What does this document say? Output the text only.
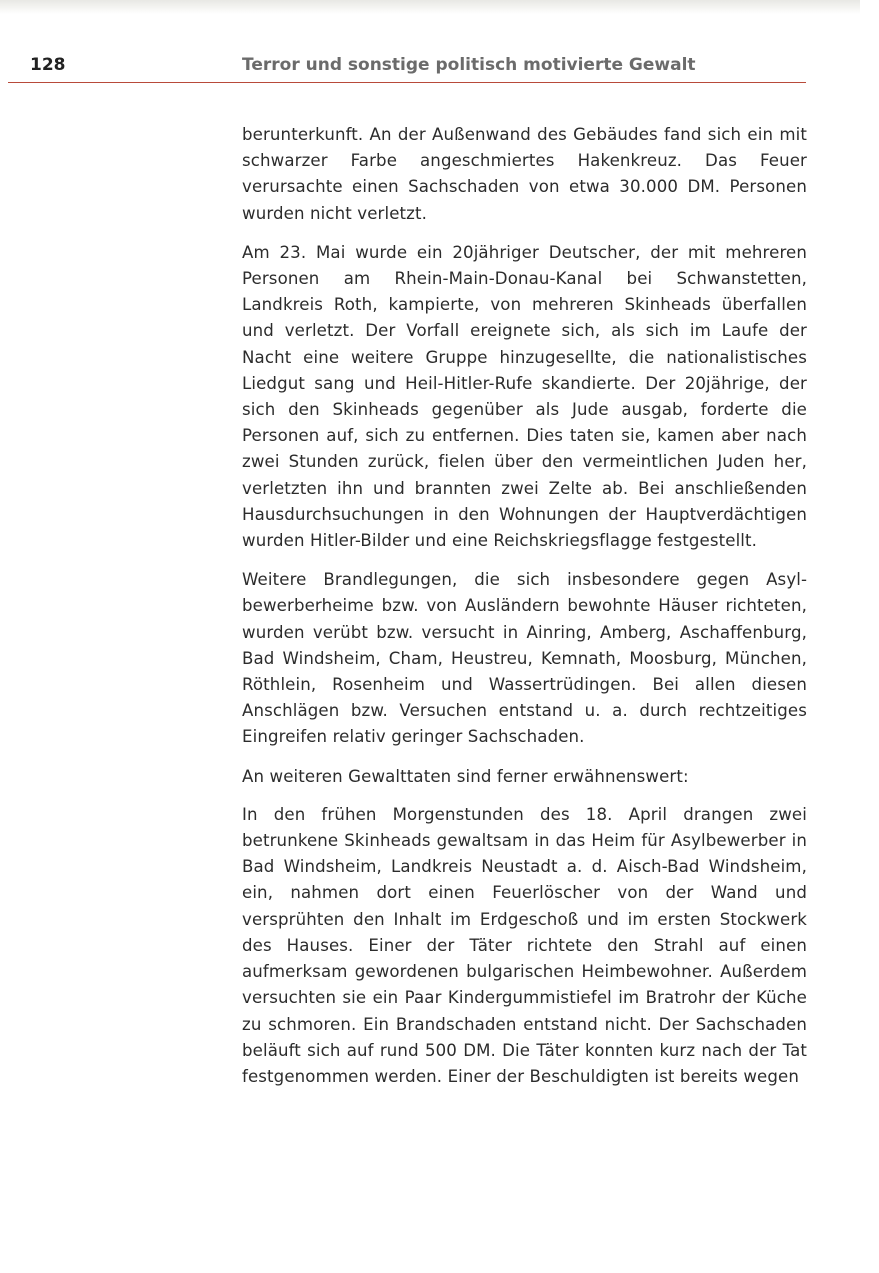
128	Terror und sonstige politisch motivierte Gewalt

berunterkunft. An der Außenwand des Gebäudes fand sich ein mit schwarzer Farbe angeschmiertes Hakenkreuz. Das Feuer verursachte einen Sachschaden von etwa 30.000 DM. Personen wurden nicht verletzt.

Am 23. Mai wurde ein 20jähriger Deutscher, der mit mehreren Personen am Rhein-Main-Donau-Kanal bei Schwanstetten, Landkreis Roth, kampierte, von mehreren Skinheads überfallen und verletzt. Der Vorfall ereignete sich, als sich im Laufe der Nacht eine weitere Gruppe hinzugesellte, die nationalistisches Liedgut sang und Heil-Hitler-Rufe skandierte. Der 20jährige, der sich den Skinheads gegenüber als Jude ausgab, forderte die Personen auf, sich zu entfernen. Dies taten sie, kamen aber nach zwei Stunden zurück, fielen über den vermeintlichen Juden her, verletzten ihn und brannten zwei Zelte ab. Bei anschließenden Hausdurchsuchungen in den Wohnungen der Hauptverdächtigen wurden Hitler-Bilder und eine Reichskriegsflagge festgestellt.

Weitere Brandlegungen, die sich insbesondere gegen Asylbewerberheime bzw. von Ausländern bewohnte Häuser richteten, wurden verübt bzw. versucht in Ainring, Amberg, Aschaffenburg, Bad Windsheim, Cham, Heustreu, Kemnath, Moosburg, München, Röthlein, Rosenheim und Wassertrüdingen. Bei allen diesen Anschlägen bzw. Versuchen entstand u. a. durch rechtzeitiges Eingreifen relativ geringer Sachschaden.

An weiteren Gewalttaten sind ferner erwähnenswert:

In den frühen Morgenstunden des 18. April drangen zwei betrunkene Skinheads gewaltsam in das Heim für Asylbewerber in Bad Windsheim, Landkreis Neustadt a. d. Aisch-Bad Windsheim, ein, nahmen dort einen Feuerlöscher von der Wand und versprühten den Inhalt im Erdgeschoß und im ersten Stockwerk des Hauses. Einer der Täter richtete den Strahl auf einen aufmerksam gewordenen bulgarischen Heimbewohner. Außerdem versuchten sie ein Paar Kindergummistiefel im Bratrohr der Küche zu schmoren. Ein Brandschaden entstand nicht. Der Sachschaden beläuft sich auf rund 500 DM. Die Täter konnten kurz nach der Tat festgenommen werden. Einer der Beschuldigten ist bereits wegen
